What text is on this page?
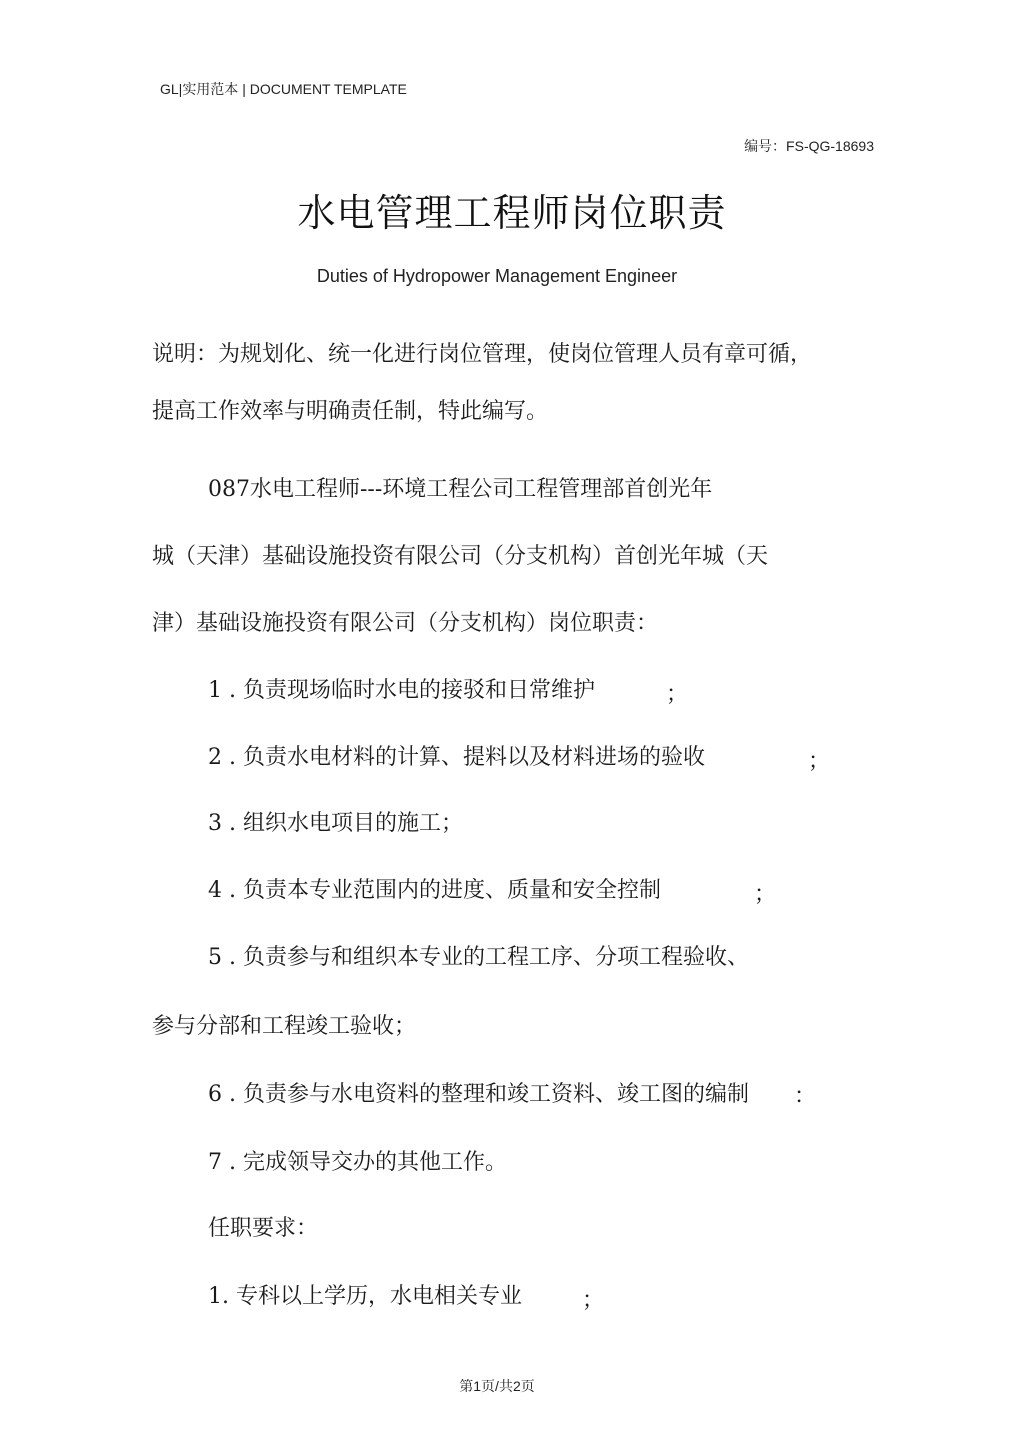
GL|实用范本 | DOCUMENT TEMPLATE
编号：FS-QG-18693
水电管理工程师岗位职责
Duties of Hydropower Management Engineer
说明：为规划化、统一化进行岗位管理，使岗位管理人员有章可循，
提高工作效率与明确责任制，特此编写。
087水电工程师---环境工程公司工程管理部首创光年
城（天津）基础设施投资有限公司（分支机构）首创光年城（天
津）基础设施投资有限公司（分支机构）岗位职责：
1 . 负责现场临时水电的接驳和日常维护	；
2 . 负责水电材料的计算、提料以及材料进场的验收	；
3 . 组织水电项目的施工；
4 . 负责本专业范围内的进度、质量和安全控制	；
5 . 负责参与和组织本专业的工程工序、分项工程验收、
参与分部和工程竣工验收；
6 . 负责参与水电资料的整理和竣工资料、竣工图的编制 ：
7 . 完成领导交办的其他工作。
任职要求：
1. 专科以上学历，水电相关专业	；
第1页/共2页
